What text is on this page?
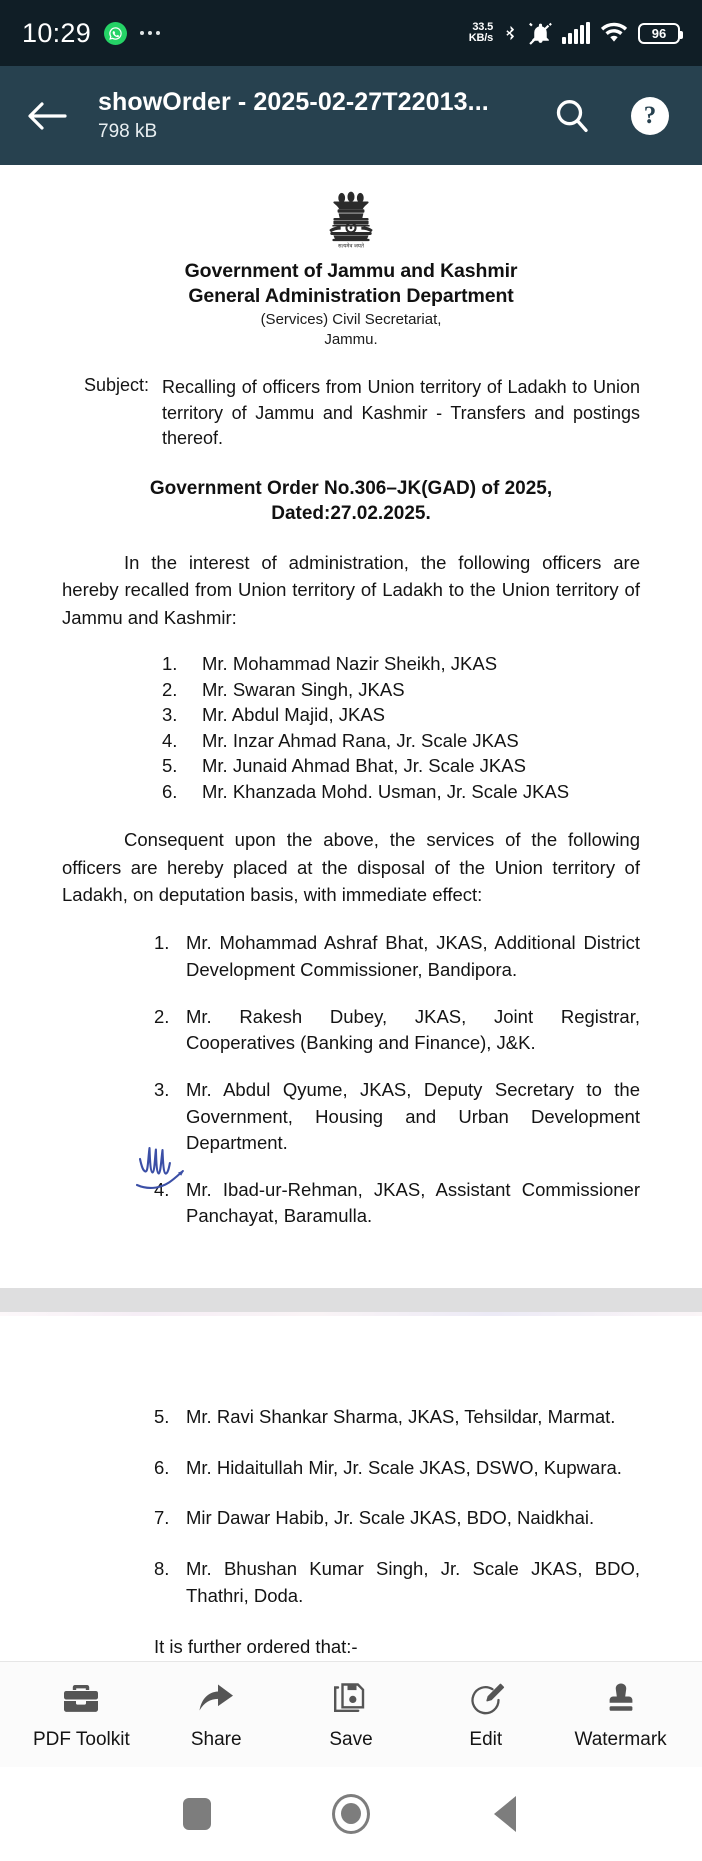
10:29	33.5
KB/s	96
showOrder - 2025-02-27T22013...
798 kB
?
सत्यमेव जयते
Government of Jammu and Kashmir
General Administration Department
(Services) Civil Secretariat,
Jammu.
Subject: Recalling of officers from Union territory of Ladakh to Union territory of Jammu and Kashmir - Transfers and postings thereof.
Government Order No.306–JK(GAD) of 2025,
Dated:27.02.2025.
In the interest of administration, the following officers are hereby recalled from Union territory of Ladakh to the Union territory of Jammu and Kashmir:
1.	Mr. Mohammad Nazir Sheikh, JKAS
2.	Mr. Swaran Singh, JKAS
3.	Mr. Abdul Majid, JKAS
4.	Mr. Inzar Ahmad Rana, Jr. Scale JKAS
5.	Mr. Junaid Ahmad Bhat, Jr. Scale JKAS
6.	Mr. Khanzada Mohd. Usman, Jr. Scale JKAS
Consequent upon the above, the services of the following officers are hereby placed at the disposal of the Union territory of Ladakh, on deputation basis, with immediate effect:
1. Mr. Mohammad Ashraf Bhat, JKAS, Additional District Development Commissioner, Bandipora.
2. Mr. Rakesh Dubey, JKAS, Joint Registrar, Cooperatives (Banking and Finance), J&K.
3. Mr. Abdul Qyume, JKAS, Deputy Secretary to the Government, Housing and Urban Development Department.
4. Mr. Ibad-ur-Rehman, JKAS, Assistant Commissioner Panchayat, Baramulla.
5. Mr. Ravi Shankar Sharma, JKAS, Tehsildar, Marmat.
6. Mr. Hidaitullah Mir, Jr. Scale JKAS, DSWO, Kupwara.
7. Mir Dawar Habib, Jr. Scale JKAS, BDO, Naidkhai.
8. Mr. Bhushan Kumar Singh, Jr. Scale JKAS, BDO, Thathri, Doda.
It is further ordered that:-
PDF Toolkit	Share	Save	Edit	Watermark
